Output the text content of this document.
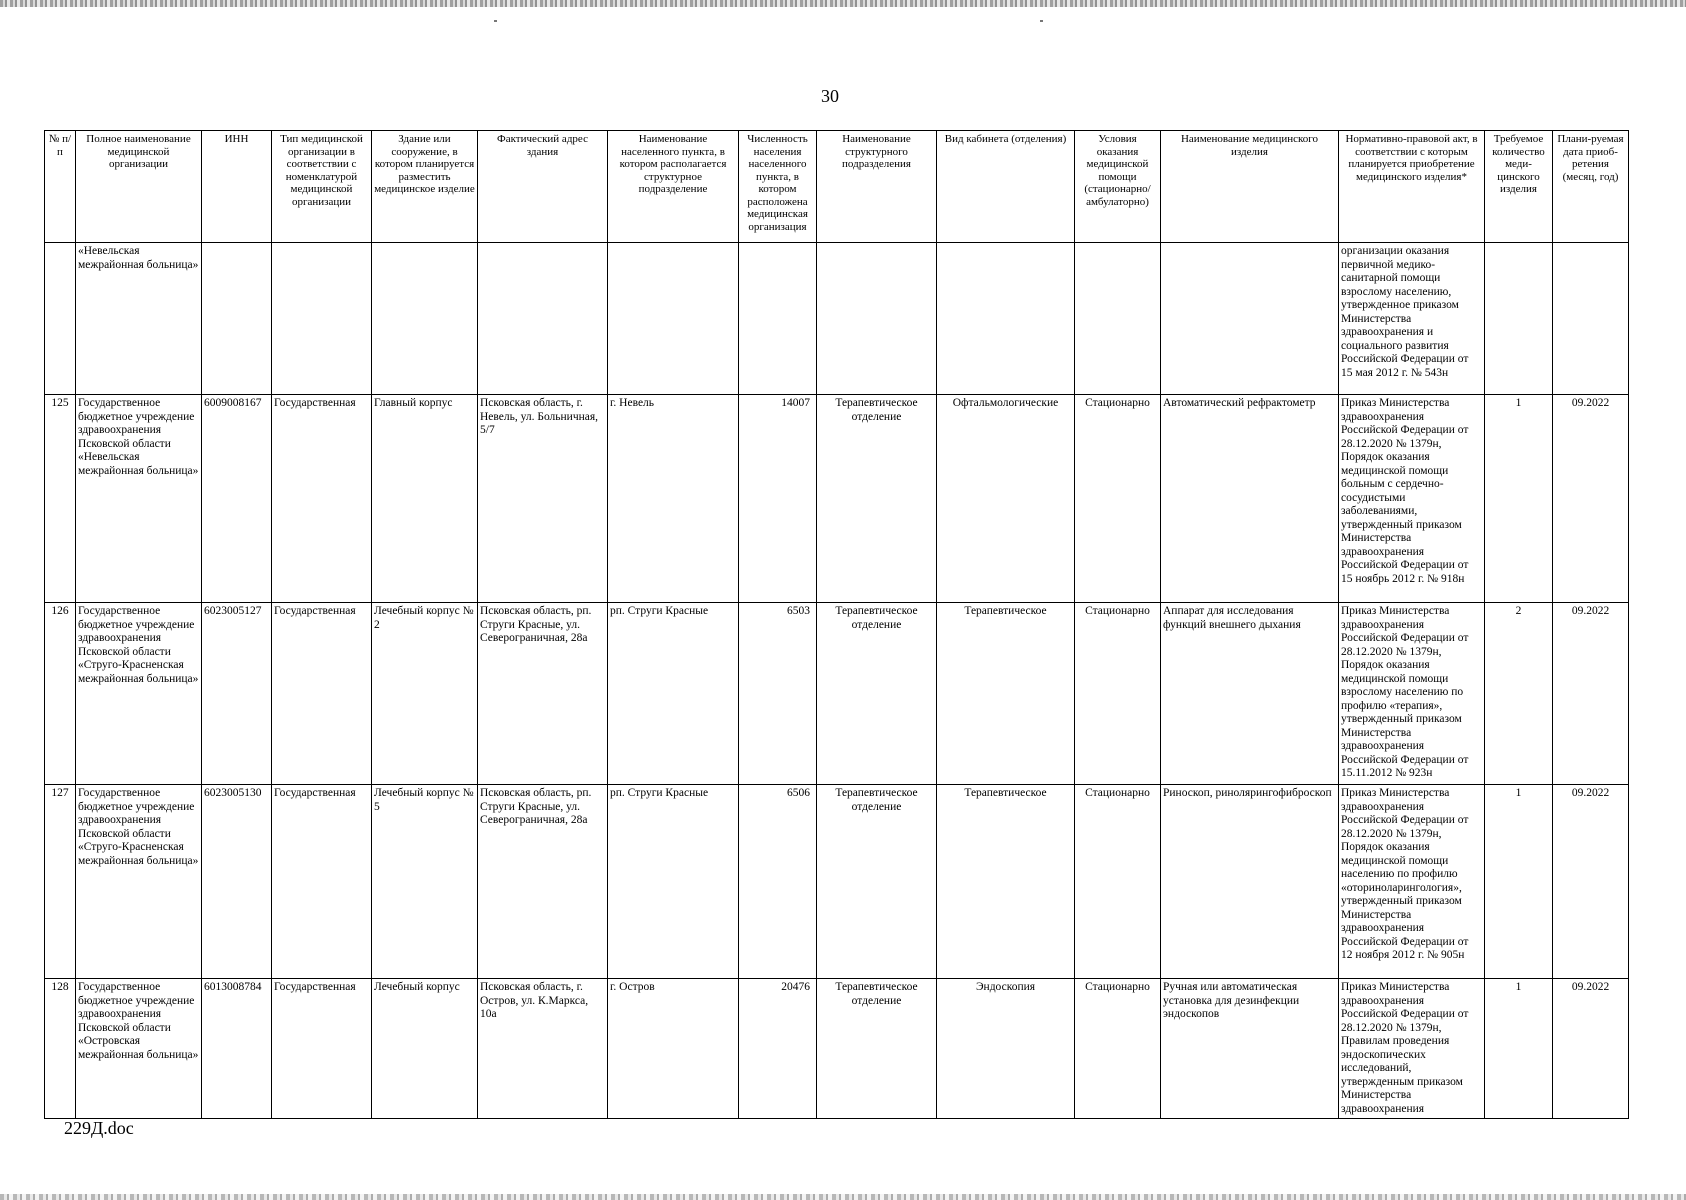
30
№ п/п	Полное наименование медицинской организации	ИНН	Тип медицинской организации в соответствии с номенклатурой медицинской организации	Здание или сооружение, в котором планируется разместить медицинское изделие	Фактический адрес здания	Наименование населенного пункта, в котором располагается структурное подразделение	Численность населения населенного пункта, в котором расположена медицинская организация	Наименование структурного подразделения	Вид кабинета (отделения)	Условия оказания медицинской помощи (стационарно/ амбулаторно)	Наименование медицинского изделия	Нормативно-правовой акт, в соответствии с которым планируется приобретение медицинского изделия*	Требуемое количество меди-цинского изделия	Плани-руемая дата приоб-ретения (месяц, год)
	«Невельская межрайонная больница»											организации оказания первичной медико-санитарной помощи взрослому населению, утвержденное приказом Министерства здравоохранения и социального развития Российской Федерации от 15 мая 2012 г. № 543н		
125	Государственное бюджетное учреждение здравоохранения Псковской области «Невельская межрайонная больница»	6009008167	Государственная	Главный корпус	Псковская область, г. Невель, ул. Больничная, 5/7	г. Невель	14007	Терапевтическое отделение	Офтальмологические	Стационарно	Автоматический рефрактометр	Приказ Министерства здравоохранения Российской Федерации от 28.12.2020 № 1379н, Порядок оказания медицинской помощи больным с сердечно-сосудистыми заболеваниями, утвержденный приказом Министерства здравоохранения Российской Федерации от 15 ноябрь 2012 г. № 918н	1	09.2022
126	Государственное бюджетное учреждение здравоохранения Псковской области «Струго-Красненская межрайонная больница»	6023005127	Государственная	Лечебный корпус № 2	Псковская область, рп. Струги Красные, ул. Северограничная, 28а	рп. Струги Красные	6503	Терапевтическое отделение	Терапевтическое	Стационарно	Аппарат для исследования функций внешнего дыхания	Приказ Министерства здравоохранения Российской Федерации от 28.12.2020 № 1379н, Порядок оказания медицинской помощи взрослому населению по профилю «терапия», утвержденный приказом Министерства здравоохранения Российской Федерации от 15.11.2012 № 923н	2	09.2022
127	Государственное бюджетное учреждение здравоохранения Псковской области «Струго-Красненская межрайонная больница»	6023005130	Государственная	Лечебный корпус № 5	Псковская область, рп. Струги Красные, ул. Северограничная, 28а	рп. Струги Красные	6506	Терапевтическое отделение	Терапевтическое	Стационарно	Риноскоп, ринолярингофиброскоп	Приказ Министерства здравоохранения Российской Федерации от 28.12.2020 № 1379н, Порядок оказания медицинской помощи населению по профилю «оториноларингология», утвержденный приказом Министерства здравоохранения Российской Федерации от 12 ноября 2012 г. № 905н	1	09.2022
128	Государственное бюджетное учреждение здравоохранения Псковской области «Островская межрайонная больница»	6013008784	Государственная	Лечебный корпус	Псковская область, г. Остров, ул. К.Маркса, 10а	г. Остров	20476	Терапевтическое отделение	Эндоскопия	Стационарно	Ручная или автоматическая установка для дезинфекции эндоскопов	Приказ Министерства здравоохранения Российской Федерации от 28.12.2020 № 1379н, Правилам проведения эндоскопических исследований, утвержденным приказом Министерства здравоохранения	1	09.2022
229Д.doc
